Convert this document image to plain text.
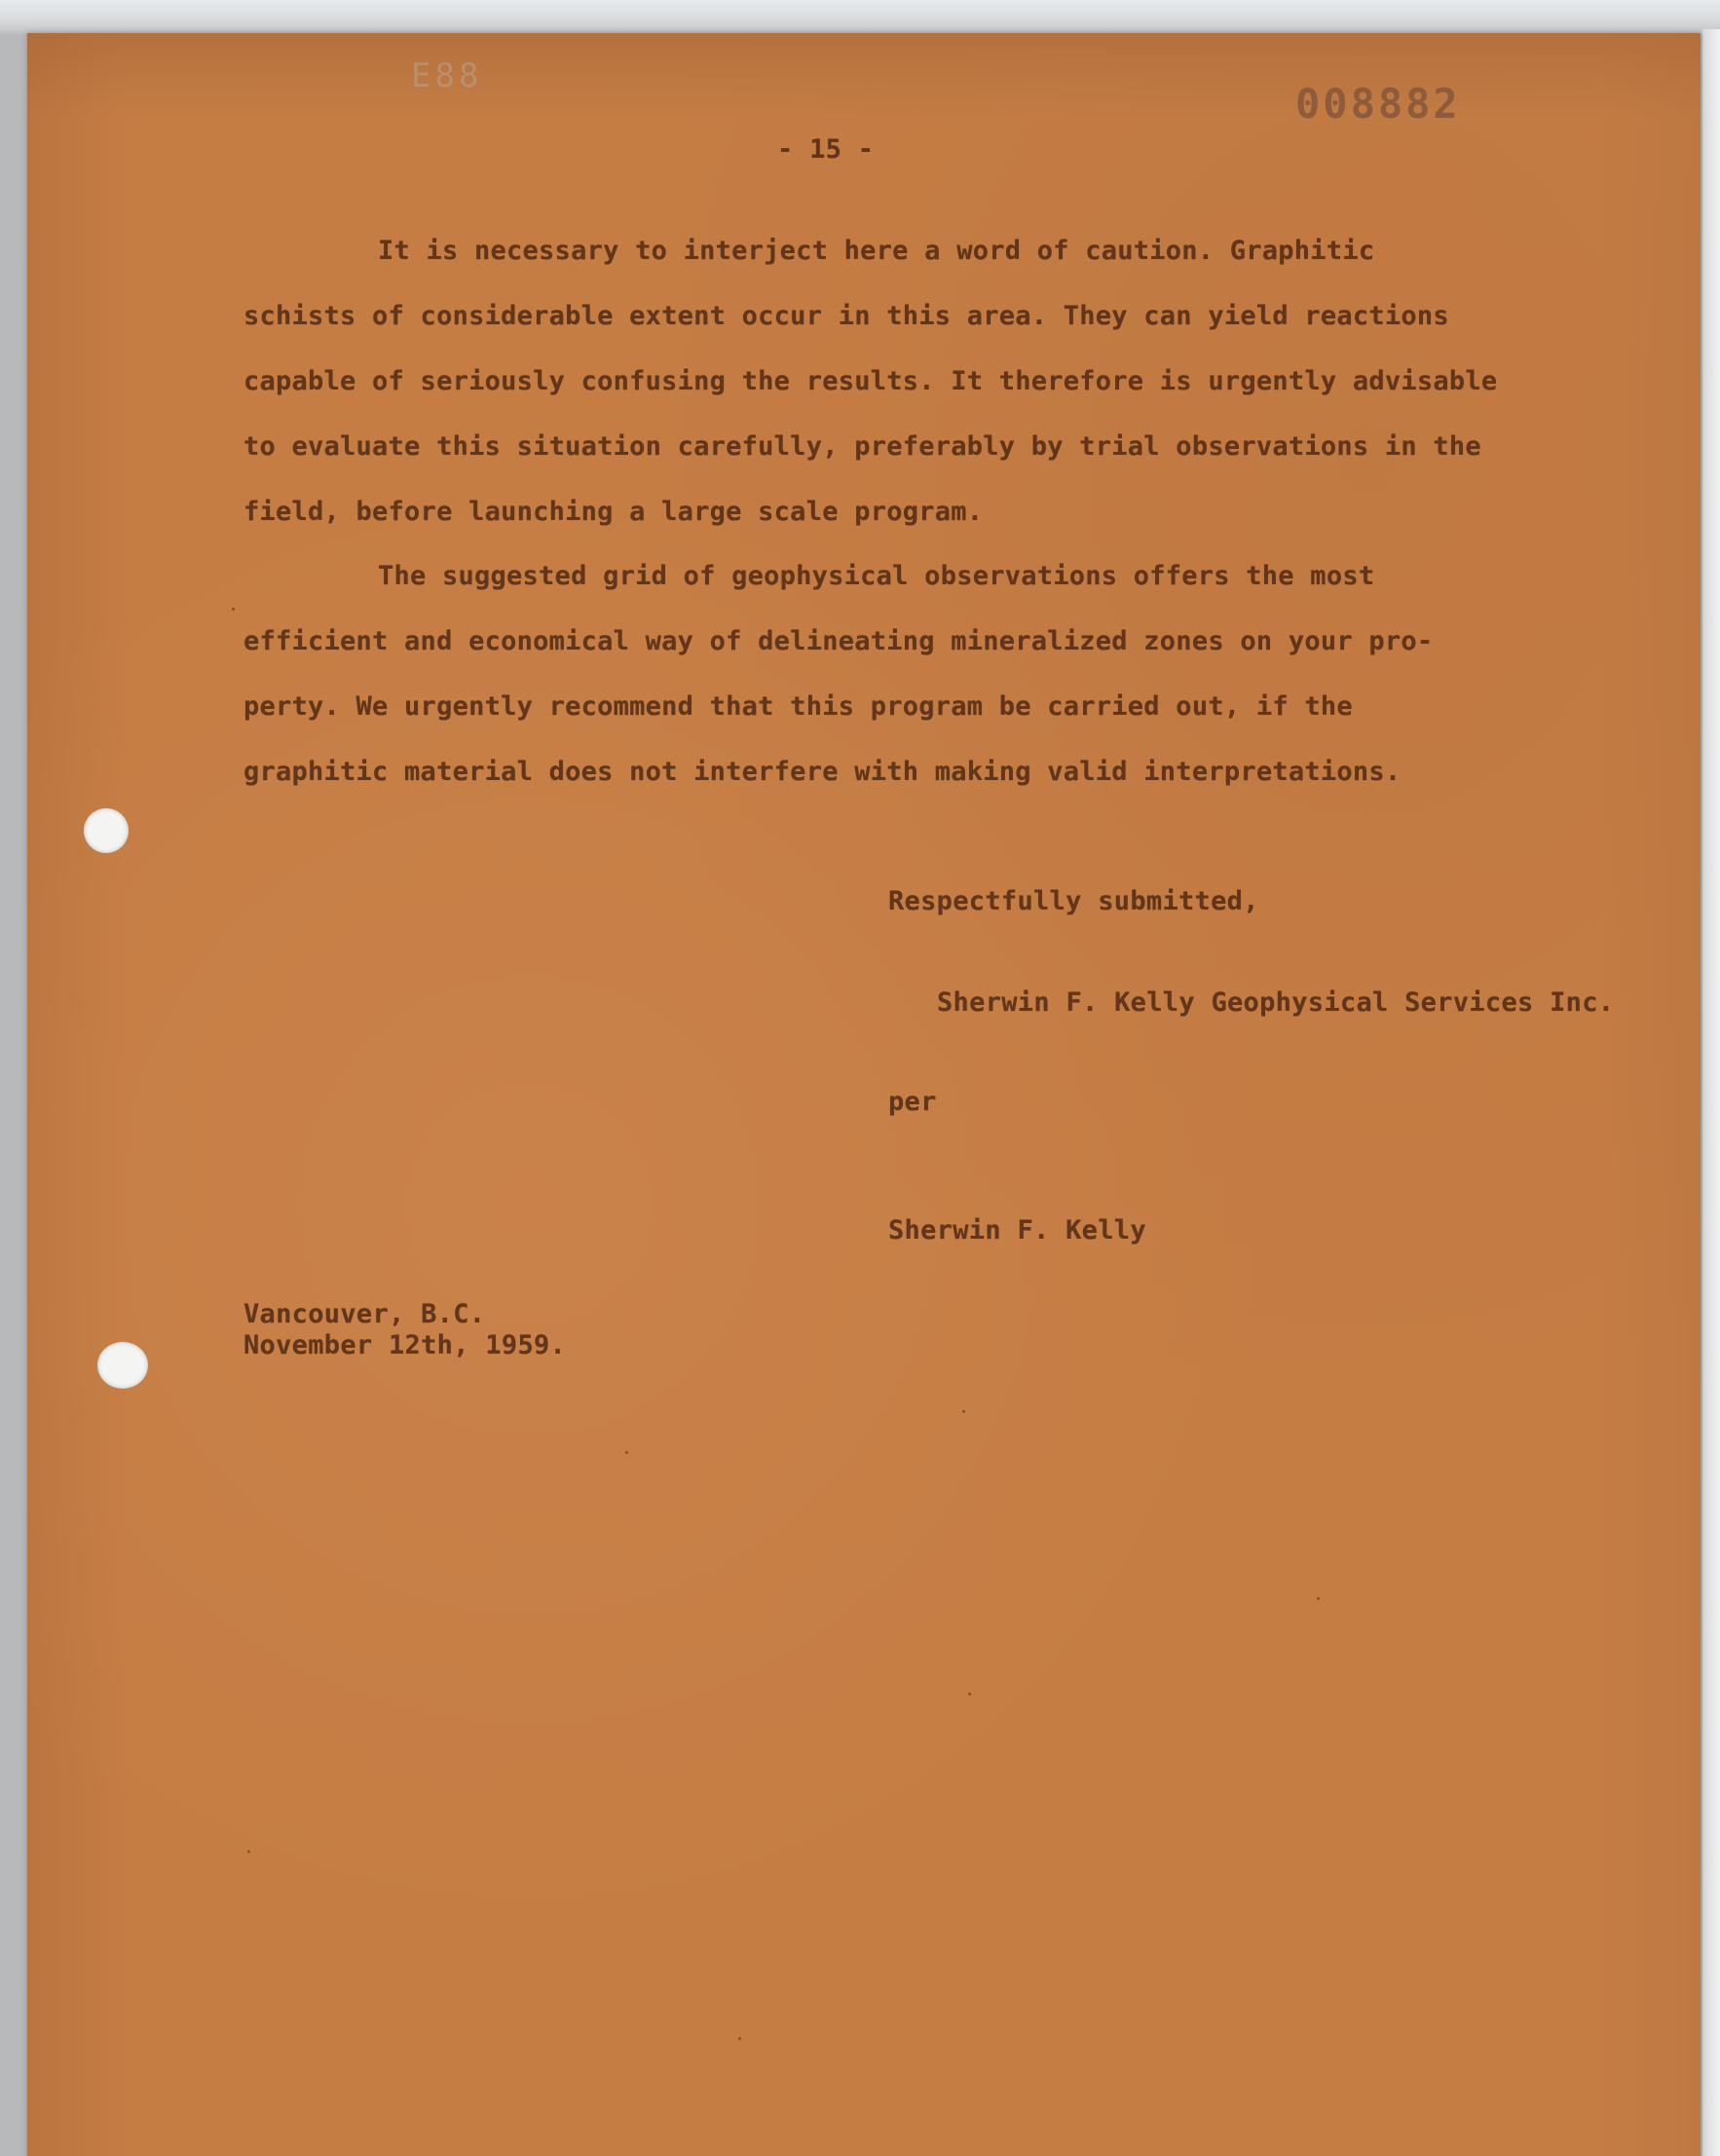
E88
008882
- 15 -
It is necessary to interject here a word of caution. Graphitic
schists of considerable extent occur in this area. They can yield reactions
capable of seriously confusing the results. It therefore is urgently advisable
to evaluate this situation carefully, preferably by trial observations in the
field, before launching a large scale program.
The suggested grid of geophysical observations offers the most
efficient and economical way of delineating mineralized zones on your pro-
perty. We urgently recommend that this program be carried out, if the
graphitic material does not interfere with making valid interpretations.
Respectfully submitted,
Sherwin F. Kelly Geophysical Services Inc.
per
Sherwin F. Kelly
Vancouver, B.C.
November 12th, 1959.
